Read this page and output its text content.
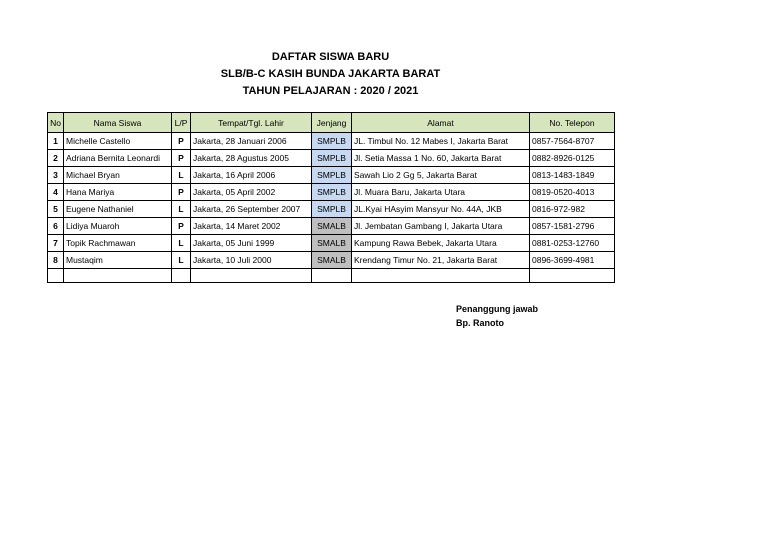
DAFTAR SISWA BARU
SLB/B-C KASIH BUNDA JAKARTA BARAT
TAHUN PELAJARAN : 2020 / 2021
No	Nama Siswa	L/P	Tempat/Tgl. Lahir	Jenjang	Alamat	No. Telepon
1	Michelle Castello	P	Jakarta, 28 Januari 2006	SMPLB	JL. Timbul No. 12 Mabes I, Jakarta Barat	0857-7564-8707
2	Adriana Bernita Leonardi	P	Jakarta, 28 Agustus 2005	SMPLB	Jl. Setia Massa 1 No. 60, Jakarta Barat	0882-8926-0125
3	Michael Bryan	L	Jakarta, 16 April 2006	SMPLB	Sawah Lio 2 Gg 5, Jakarta Barat	0813-1483-1849
4	Hana Mariya	P	Jakarta, 05 April 2002	SMPLB	Jl. Muara Baru, Jakarta Utara	0819-0520-4013
5	Eugene Nathaniel	L	Jakarta, 26 September 2007	SMPLB	JL.Kyai HAsyim Mansyur No. 44A, JKB	0816-972-982
6	Lidiya Muaroh	P	Jakarta, 14 Maret 2002	SMALB	Jl. Jembatan Gambang I, Jakarta Utara	0857-1581-2796
7	Topik Rachmawan	L	Jakarta, 05 Juni 1999	SMALB	Kampung Rawa Bebek, Jakarta Utara	0881-0253-12760
8	Mustaqim	L	Jakarta, 10 Juli 2000	SMALB	Krendang Timur No. 21, Jakarta Barat	0896-3699-4981

Penanggung jawab
Bp. Ranoto
